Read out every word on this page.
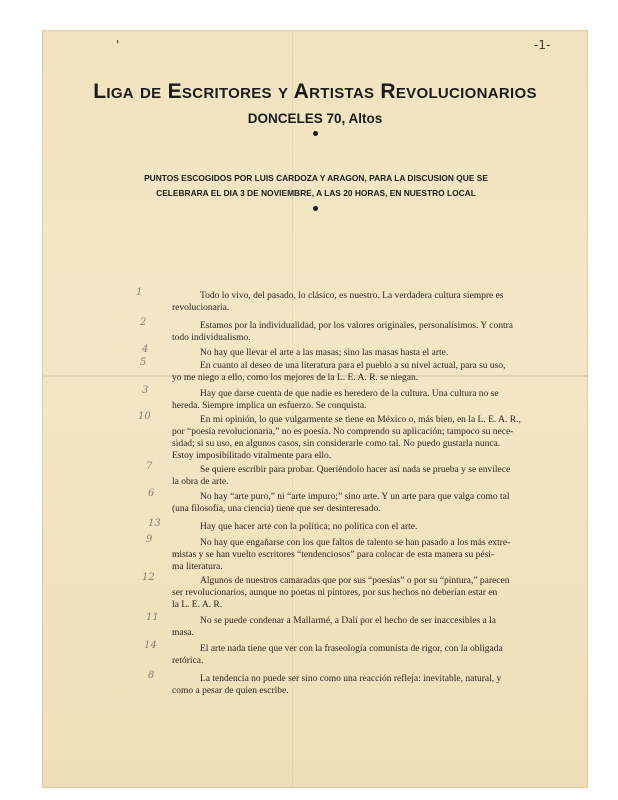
'	-1-
Liga de Escritores y Artistas Revolucionarios

DONCELES 70, Altos

PUNTOS ESCOGIDOS POR LUIS CARDOZA Y ARAGON, PARA LA DISCUSION QUE SE
CELEBRARA EL DIA 3 DE NOVIEMBRE, A LAS 20 HORAS, EN NUESTRO LOCAL
Todo lo vivo, del pasado, lo clásico, es nuestro. La verdadera cultura siempre es
revolucionaria.
1
Estamos por la individualidad, por los valores originales, personalísimos. Y contra
todo individualismo.
2
No hay que llevar el arte a las masas; sino las masas hasta el arte.
4
En cuanto al deseo de una literatura para el pueblo a su nivel actual, para su uso,
yo me niego a ello, como los mejores de la L. E. A. R. se niegan.
5
Hay que darse cuenta de que nadie es heredero de la cultura. Una cultura no se
hereda. Siempre implica un esfuerzo. Se conquista.
3
En mi opinión, lo que vulgarmente se tiene en México o, más bien, en la L. E. A. R.,
por “poesía revolucionaria,” no es poesía. No comprendo su aplicación; tampoco su nece-
sidad; si su uso, en algunos casos, sin considerarle como tal. No puedo gustarla nunca.
Estoy imposibilitado vitalmente para ello.
10
Se quiere escribir para probar. Queriéndolo hacer así nada se prueba y se envilece
la obra de arte.
7
No hay “arte puro,” ni “arte impuro;” sino arte. Y un arte para que valga como tal
(una filosofía, una ciencia) tiene que ser desinteresado.
6
Hay que hacer arte con la política; no política con el arte.
13
No hay que engañarse con los que faltos de talento se han pasado a los más extre-
mistas y se han vuelto escritores “tendenciosos” para colocar de esta manera su pési-
ma literatura.
9
Algunos de nuestros camaradas que por sus “poesías” o por su “pintura,” parecen
ser revolucionarios, aunque no poetas ni pintores, por sus hechos no deberían estar en
la L. E. A. R.
12
No se puede condenar a Mallarmé, a Dalí por el hecho de ser inaccesibles a la
masa.
11
El arte nada tiene que ver con la fraseología comunista de rigor, con la obligada
retórica.
14
La tendencia no puede ser sino como una reacción refleja: inevitable, natural, y
como a pesar de quien escribe.
8
